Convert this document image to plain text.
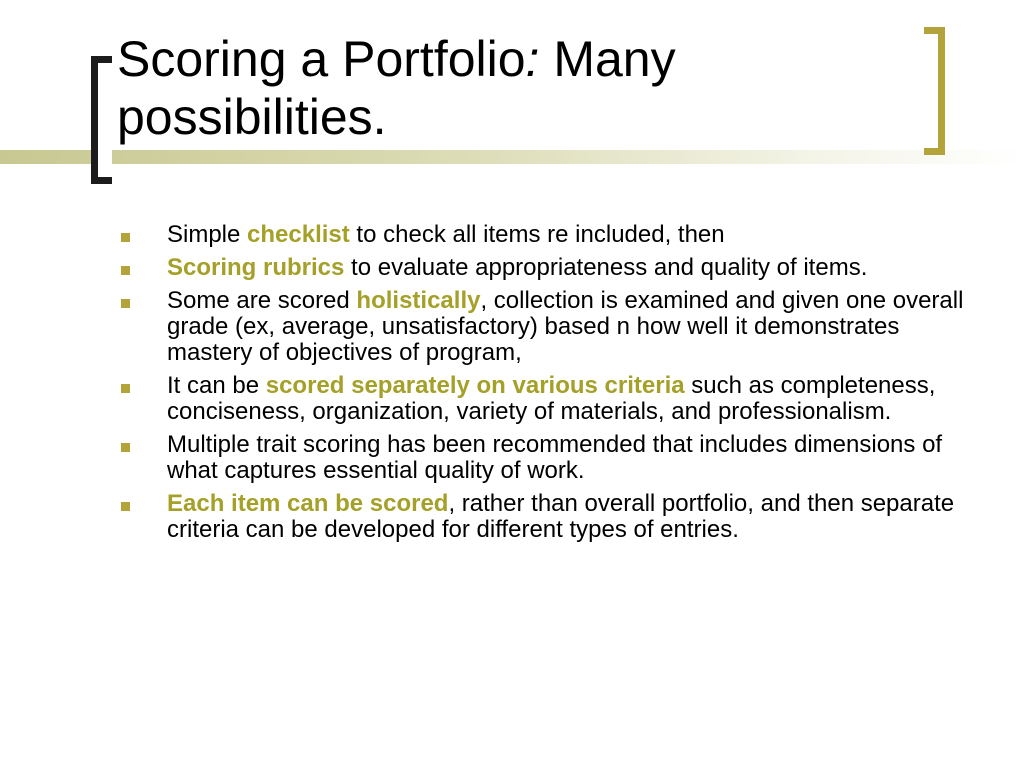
Scoring a Portfolio: Many possibilities.
Simple checklist to check all items re included, then
Scoring rubrics to evaluate appropriateness and quality of items.
Some are scored holistically, collection is examined and given one overall grade (ex, average, unsatisfactory) based n how well it demonstrates mastery of objectives of program,
It can be scored separately on various criteria such as completeness, conciseness, organization, variety of materials, and professionalism.
Multiple trait scoring has been recommended that includes dimensions of what captures essential quality of work.
Each item can be scored, rather than overall portfolio, and then separate criteria can be developed for different types of entries.
